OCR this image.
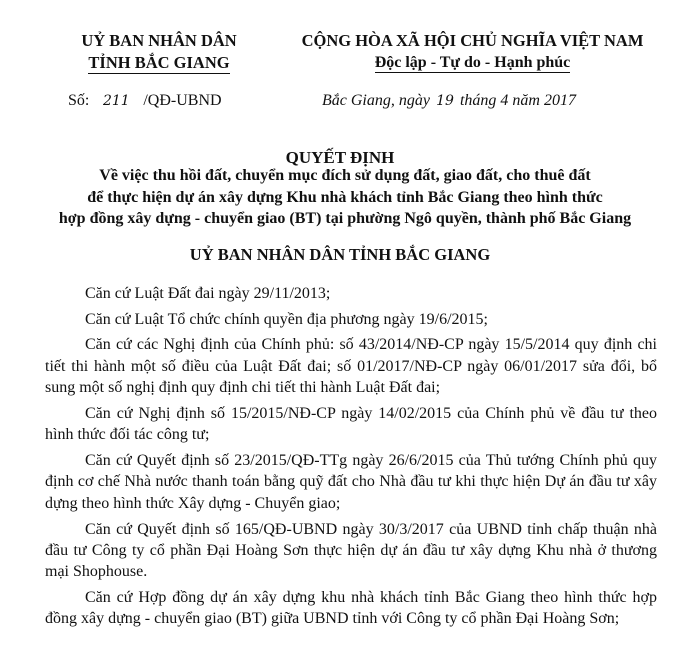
UỶ BAN NHÂN DÂN
TỈNH BẮC GIANG
CỘNG HÒA XÃ HỘI CHỦ NGHĨA VIỆT NAM
Độc lập - Tự do - Hạnh phúc
Số: 211 /QĐ-UBND	Bắc Giang, ngày 19 tháng 4 năm 2017
QUYẾT ĐỊNH
Về việc thu hồi đất, chuyển mục đích sử dụng đất, giao đất, cho thuê đất
để thực hiện dự án xây dựng Khu nhà khách tỉnh Bắc Giang theo hình thức
hợp đồng xây dựng - chuyển giao (BT) tại phường Ngô quyền, thành phố Bắc Giang
UỶ BAN NHÂN DÂN TỈNH BẮC GIANG

Căn cứ Luật Đất đai ngày 29/11/2013;

Căn cứ Luật Tổ chức chính quyền địa phương ngày 19/6/2015;

Căn cứ các Nghị định của Chính phủ: số 43/2014/NĐ-CP ngày 15/5/2014 quy định chi tiết thi hành một số điều của Luật Đất đai; số 01/2017/NĐ-CP ngày 06/01/2017 sửa đổi, bổ sung một số nghị định quy định chi tiết thi hành Luật Đất đai;

Căn cứ Nghị định số 15/2015/NĐ-CP ngày 14/02/2015 của Chính phủ về đầu tư theo hình thức đối tác công tư;

Căn cứ Quyết định số 23/2015/QĐ-TTg ngày 26/6/2015 của Thủ tướng Chính phủ quy định cơ chế Nhà nước thanh toán bằng quỹ đất cho Nhà đầu tư khi thực hiện Dự án đầu tư xây dựng theo hình thức Xây dựng - Chuyển giao;

Căn cứ Quyết định số 165/QĐ-UBND ngày 30/3/2017 của UBND tỉnh chấp thuận nhà đầu tư Công ty cổ phần Đại Hoàng Sơn thực hiện dự án đầu tư xây dựng Khu nhà ở thương mại Shophouse.

Căn cứ Hợp đồng dự án xây dựng khu nhà khách tỉnh Bắc Giang theo hình thức hợp đồng xây dựng - chuyển giao (BT) giữa UBND tỉnh với Công ty cổ phần Đại Hoàng Sơn;
